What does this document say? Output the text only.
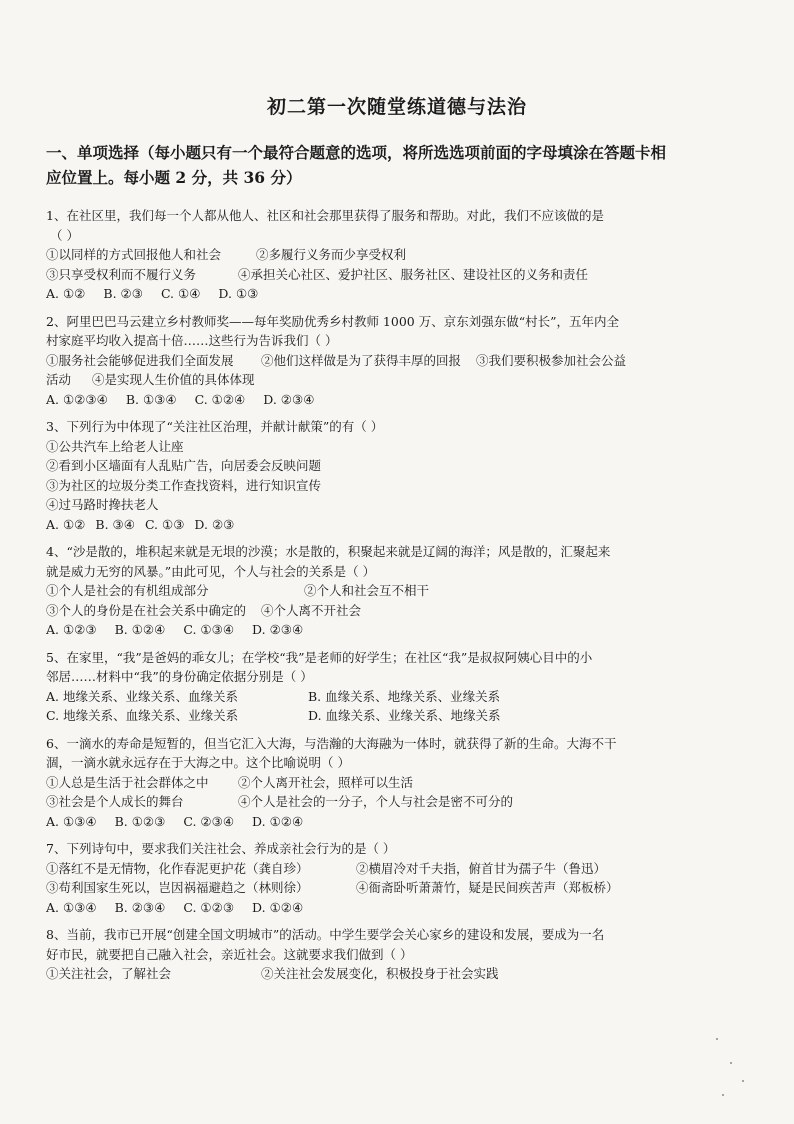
初二第一次随堂练道德与法治
一、单项选择（每小题只有一个最符合题意的选项，将所选选项前面的字母填涂在答题卡相
应位置上。每小题 2 分，共 36 分）
1、在社区里，我们每一个人都从他人、社区和社会那里获得了服务和帮助。对此，我们不应该做的是
（ ）
①以同样的方式回报他人和社会	②多履行义务而少享受权利
③只享受权利而不履行义务	④承担关心社区、爱护社区、服务社区、建设社区的义务和责任
A. ①② B. ②③ C. ①④ D. ①③
2、阿里巴巴马云建立乡村教师奖——每年奖励优秀乡村教师 1000 万、京东刘强东做“村长”，五年内全
村家庭平均收入提高十倍……这些行为告诉我们（ ）
①服务社会能够促进我们全面发展	②他们这样做是为了获得丰厚的回报	③我们要积极参加社会公益
活动	④是实现人生价值的具体体现
A. ①②③④ B. ①③④ C. ①②④ D. ②③④
3、下列行为中体现了“关注社区治理，并献计献策”的有（ ）
①公共汽车上给老人让座
②看到小区墙面有人乱贴广告，向居委会反映问题
③为社区的垃圾分类工作查找资料，进行知识宣传
④过马路时搀扶老人
A. ①② B. ③④ C. ①③ D. ②③
4、“沙是散的，堆积起来就是无垠的沙漠；水是散的，积聚起来就是辽阔的海洋；风是散的，汇聚起来
就是威力无穷的风暴。”由此可见，个人与社会的关系是（ ）
①个人是社会的有机组成部分	②个人和社会互不相干
③个人的身份是在社会关系中确定的	④个人离不开社会
A. ①②③ B. ①②④ C. ①③④ D. ②③④
5、在家里，“我”是爸妈的乖女儿；在学校“我”是老师的好学生；在社区“我”是叔叔阿姨心目中的小
邻居……材料中“我”的身份确定依据分别是（ ）
A. 地缘关系、业缘关系、血缘关系	B. 血缘关系、地缘关系、业缘关系
C. 地缘关系、血缘关系、业缘关系	D. 血缘关系、业缘关系、地缘关系
6、一滴水的寿命是短暂的，但当它汇入大海，与浩瀚的大海融为一体时，就获得了新的生命。大海不干
涸，一滴水就永远存在于大海之中。这个比喻说明（ ）
①人总是生活于社会群体之中	②个人离开社会，照样可以生活
③社会是个人成长的舞台	④个人是社会的一分子，个人与社会是密不可分的
A. ①③④ B. ①②③ C. ②③④ D. ①②④
7、下列诗句中，要求我们关注社会、养成亲社会行为的是（ ）
①落红不是无情物，化作春泥更护花（龚自珍）	②横眉冷对千夫指，俯首甘为孺子牛（鲁迅）
③苟利国家生死以，岂因祸福避趋之（林则徐）	④衙斋卧听萧萧竹，疑是民间疾苦声（郑板桥）
A. ①③④ B. ②③④ C. ①②③ D. ①②④
8、当前，我市已开展“创建全国文明城市”的活动。中学生要学会关心家乡的建设和发展，要成为一名
好市民，就要把自己融入社会，亲近社会。这就要求我们做到（ ）
①关注社会，了解社会	②关注社会发展变化，积极投身于社会实践
